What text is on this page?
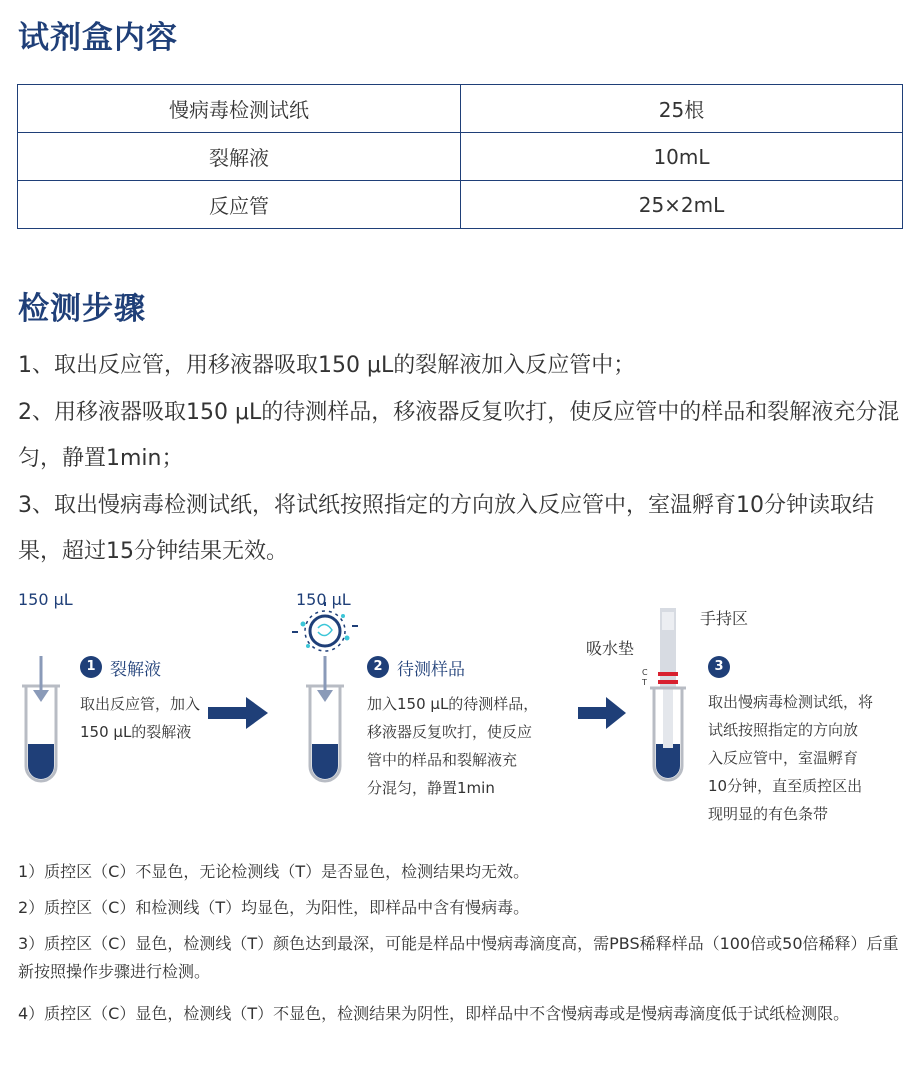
试剂盒内容
慢病毒检测试纸	25根
裂解液	10mL
反应管	25×2mL
检测步骤
1、取出反应管，用移液器吸取150 μL的裂解液加入反应管中；
2、用移液器吸取150 μL的待测样品，移液器反复吹打，使反应管中的样品和裂解液充分混匀，静置1min；
3、取出慢病毒检测试纸，将试纸按照指定的方向放入反应管中，室温孵育10分钟读取结果，超过15分钟结果无效。
150 μL	150 μL
1 裂解液
取出反应管，加入
150 μL的裂解液
2 待测样品
加入150 μL的待测样品，
移液器反复吹打，使反应
管中的样品和裂解液充
分混匀，静置1min
吸水垫
手持区
C
T
3
取出慢病毒检测试纸，将
试纸按照指定的方向放
入反应管中，室温孵育
10分钟，直至质控区出
现明显的有色条带
1）质控区（C）不显色，无论检测线（T）是否显色，检测结果均无效。
2）质控区（C）和检测线（T）均显色，为阳性，即样品中含有慢病毒。
3）质控区（C）显色，检测线（T）颜色达到最深，可能是样品中慢病毒滴度高，需PBS稀释样品（100倍或50倍稀释）后重新按照操作步骤进行检测。
4）质控区（C）显色，检测线（T）不显色，检测结果为阴性，即样品中不含慢病毒或是慢病毒滴度低于试纸检测限。
